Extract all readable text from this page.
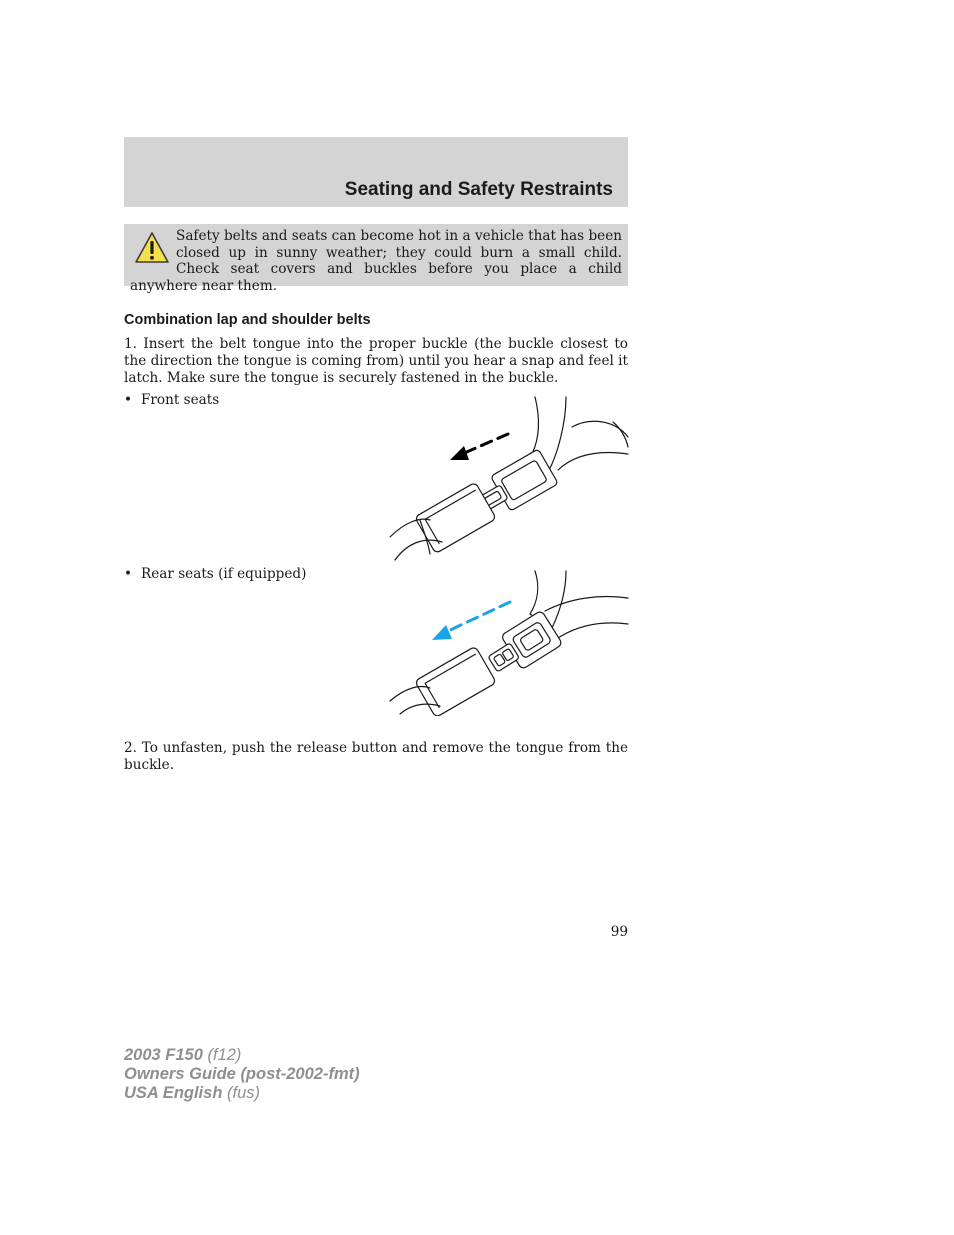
Seating and Safety Restraints

Safety belts and seats can become hot in a vehicle that has been closed up in sunny weather; they could burn a small child. Check seat covers and buckles before you place a child anywhere near them.

Combination lap and shoulder belts

1. Insert the belt tongue into the proper buckle (the buckle closest to the direction the tongue is coming from) until you hear a snap and feel it latch. Make sure the tongue is securely fastened in the buckle.

• Front seats

• Rear seats (if equipped)

2. To unfasten, push the release button and remove the tongue from the buckle.

99

2003 F150 (f12)
Owners Guide (post-2002-fmt)
USA English (fus)
